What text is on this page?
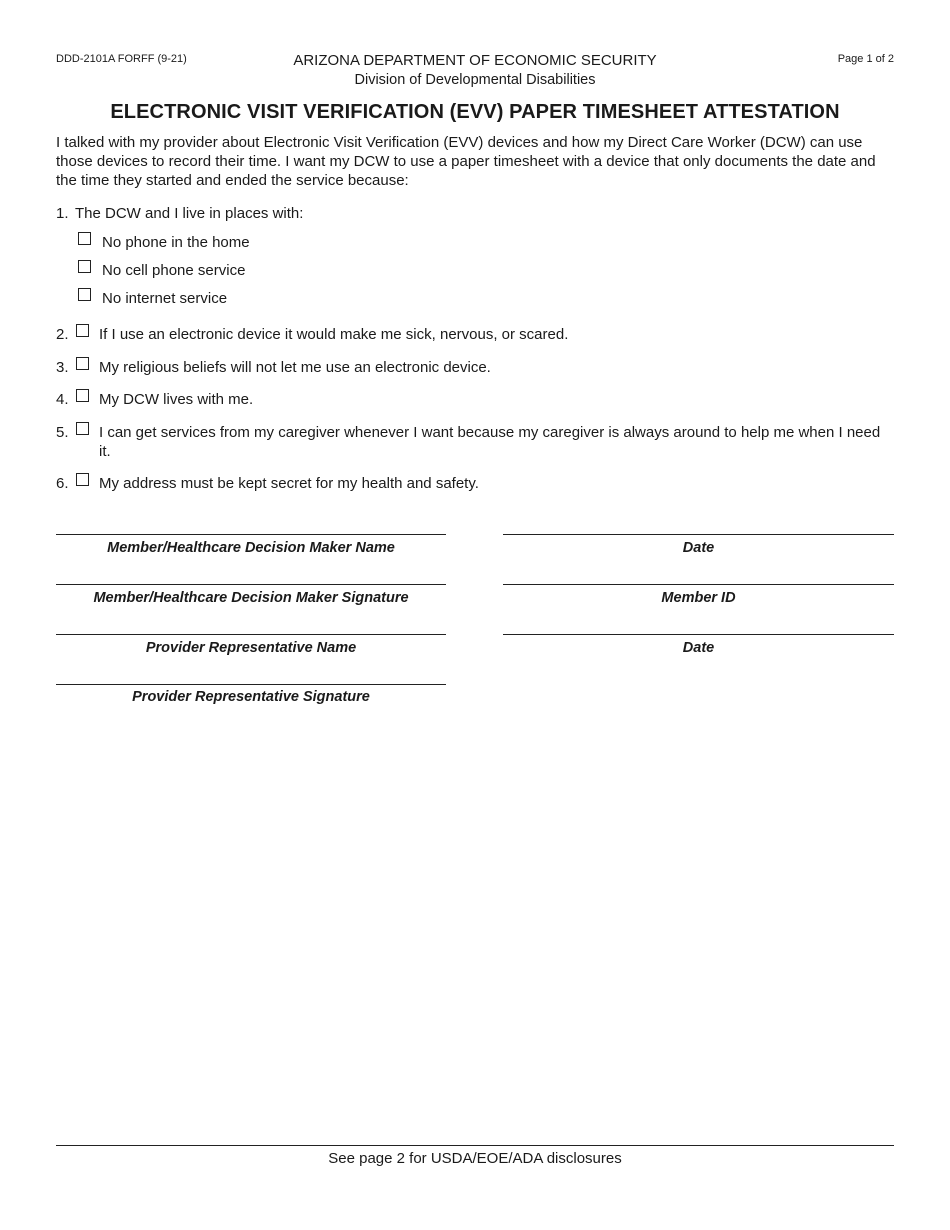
DDD-2101A FORFF (9-21)	Page 1 of 2
ARIZONA DEPARTMENT OF ECONOMIC SECURITY
Division of Developmental Disabilities
ELECTRONIC VISIT VERIFICATION (EVV) PAPER TIMESHEET ATTESTATION
I talked with my provider about Electronic Visit Verification (EVV) devices and how my Direct Care Worker (DCW) can use those devices to record their time. I want my DCW to use a paper timesheet with a device that only documents the date and the time they started and ended the service because:
1. The DCW and I live in places with:
No phone in the home
No cell phone service
No internet service
2. If I use an electronic device it would make me sick, nervous, or scared.
3. My religious beliefs will not let me use an electronic device.
4. My DCW lives with me.
5. I can get services from my caregiver whenever I want because my caregiver is always around to help me when I need it.
6. My address must be kept secret for my health and safety.
Member/Healthcare Decision Maker Name
Member/Healthcare Decision Maker Signature
Provider Representative Name
Provider Representative Signature
Date
Member ID
Date
See page 2 for USDA/EOE/ADA disclosures
